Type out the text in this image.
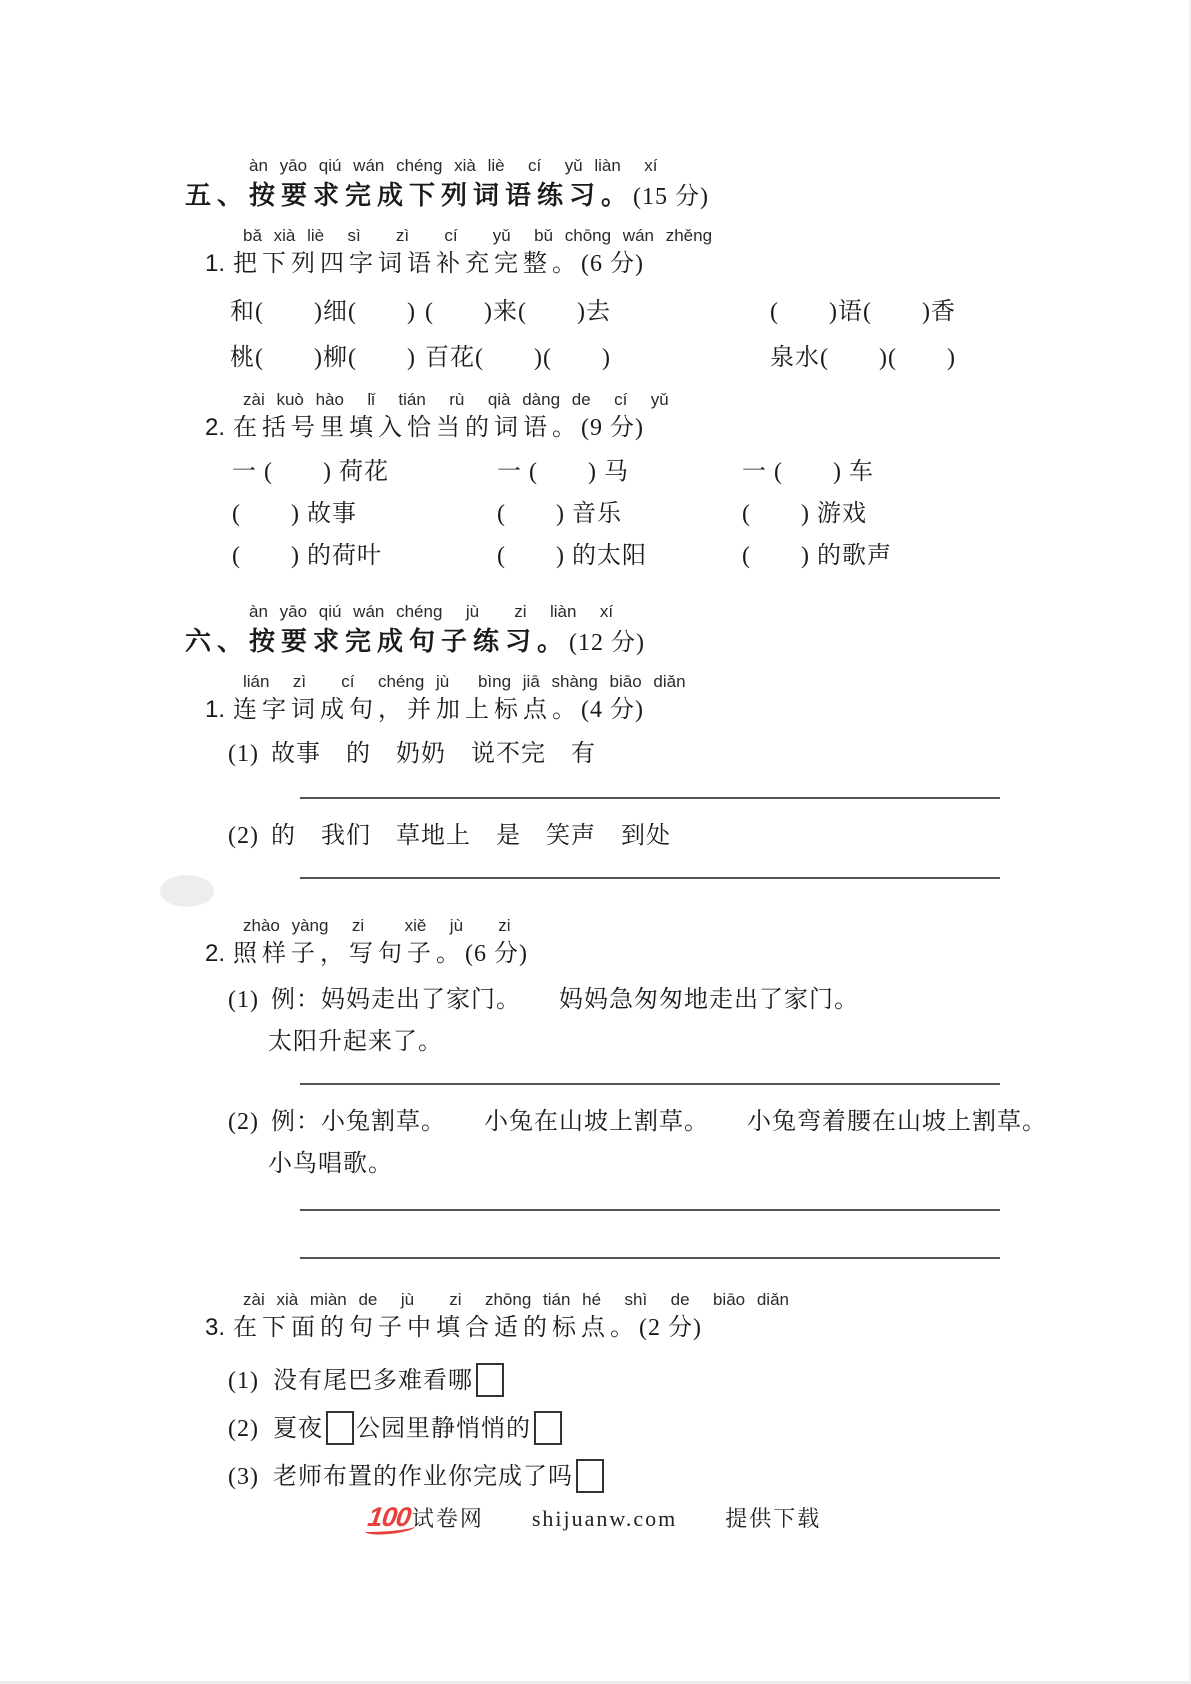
àn yāo qiú wán chéng xià liè  cí  yǔ liàn  xí
五、按要求完成下列词语练习。(15 分)
bǎ xià liè  sì   zì   cí   yǔ  bǔ chōng wán zhěng
1. 把下列四字词语补充完整。(6 分)
和(　　)细(　　) (　　)来(　　)去	(　　)语(　　)香
桃(　　)柳(　　) 百花(　　)(　　)	泉水(　　)(　　)
zài kuò hào  lǐ  tián  rù  qià dàng de  cí  yǔ
2. 在括号里填入恰当的词语。(9 分)
一 (　　) 荷花	一 (　　) 马	一 (　　) 车
(　　) 故事	(　　) 音乐	(　　) 游戏
(　　) 的荷叶	(　　) 的太阳	(　　) 的歌声
àn yāo qiú wán chéng  jù   zi  liàn  xí
六、按要求完成句子练习。(12 分)
lián  zì   cí  chéng jù　 bìng jiā shàng biāo diǎn
1. 连字词成句，并加上标点。(4 分)
(1) 故事　的　奶奶　说不完　有
(2) 的　我们　草地上　是　笑声　到处
zhào yàng  zi　  xiě  jù   zi
2. 照样子，写句子。(6 分)
(1) 例：妈妈走出了家门。　　妈妈急匆匆地走出了家门。
太阳升起来了。
(2) 例：小兔割草。　　小兔在山坡上割草。　　小兔弯着腰在山坡上割草。
小鸟唱歌。
zài xià miàn de  jù   zi  zhōng tián hé  shì  de  biāo diǎn
3. 在下面的句子中填合适的标点。(2 分)
(1) 没有尾巴多难看哪
(2) 夏夜 公园里静悄悄的
(3) 老师布置的作业你完成了吗
100 试卷网 shijuanw.com 提供下载
